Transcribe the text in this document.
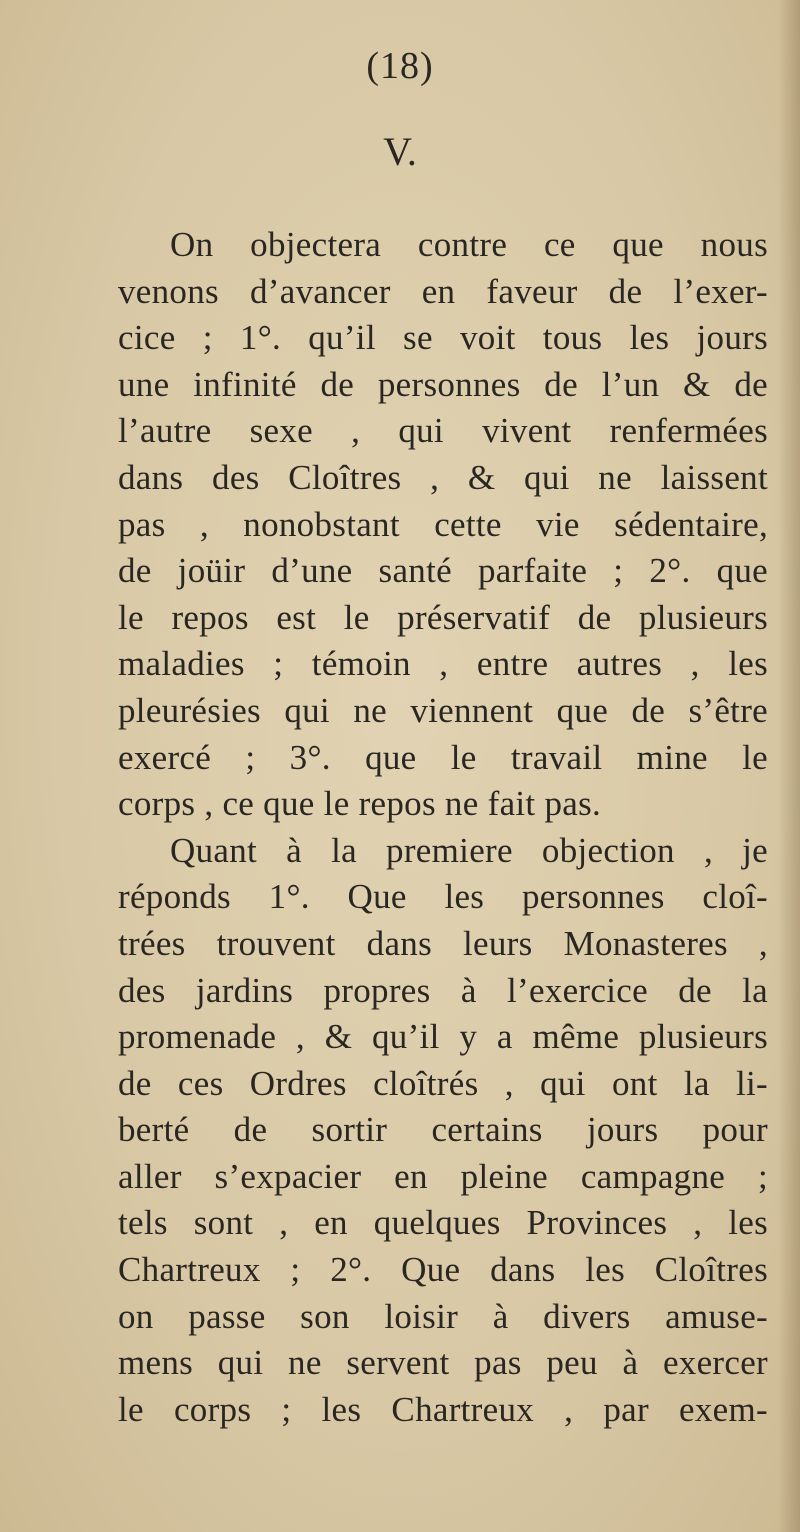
(18)
V.
On objectera contre ce que nous
venons d’avancer en faveur de l’exer-
cice ; 1°. qu’il se voit tous les jours
une infinité de personnes de l’un & de
l’autre sexe , qui vivent renfermées
dans des Cloîtres , & qui ne laissent
pas , nonobstant cette vie sédentaire,
de joüir d’une santé parfaite ; 2°. que
le repos est le préservatif de plusieurs
maladies ; témoin , entre autres , les
pleurésies qui ne viennent que de s’être
exercé ; 3°. que le travail mine le
corps , ce que le repos ne fait pas.
Quant à la premiere objection , je
réponds 1°. Que les personnes cloî-
trées trouvent dans leurs Monasteres ,
des jardins propres à l’exercice de la
promenade , & qu’il y a même plusieurs
de ces Ordres cloîtrés , qui ont la li-
berté de sortir certains jours pour
aller s’expacier en pleine campagne ;
tels sont , en quelques Provinces , les
Chartreux ; 2°. Que dans les Cloîtres
on passe son loisir à divers amuse-
mens qui ne servent pas peu à exercer
le corps ; les Chartreux , par exem-
